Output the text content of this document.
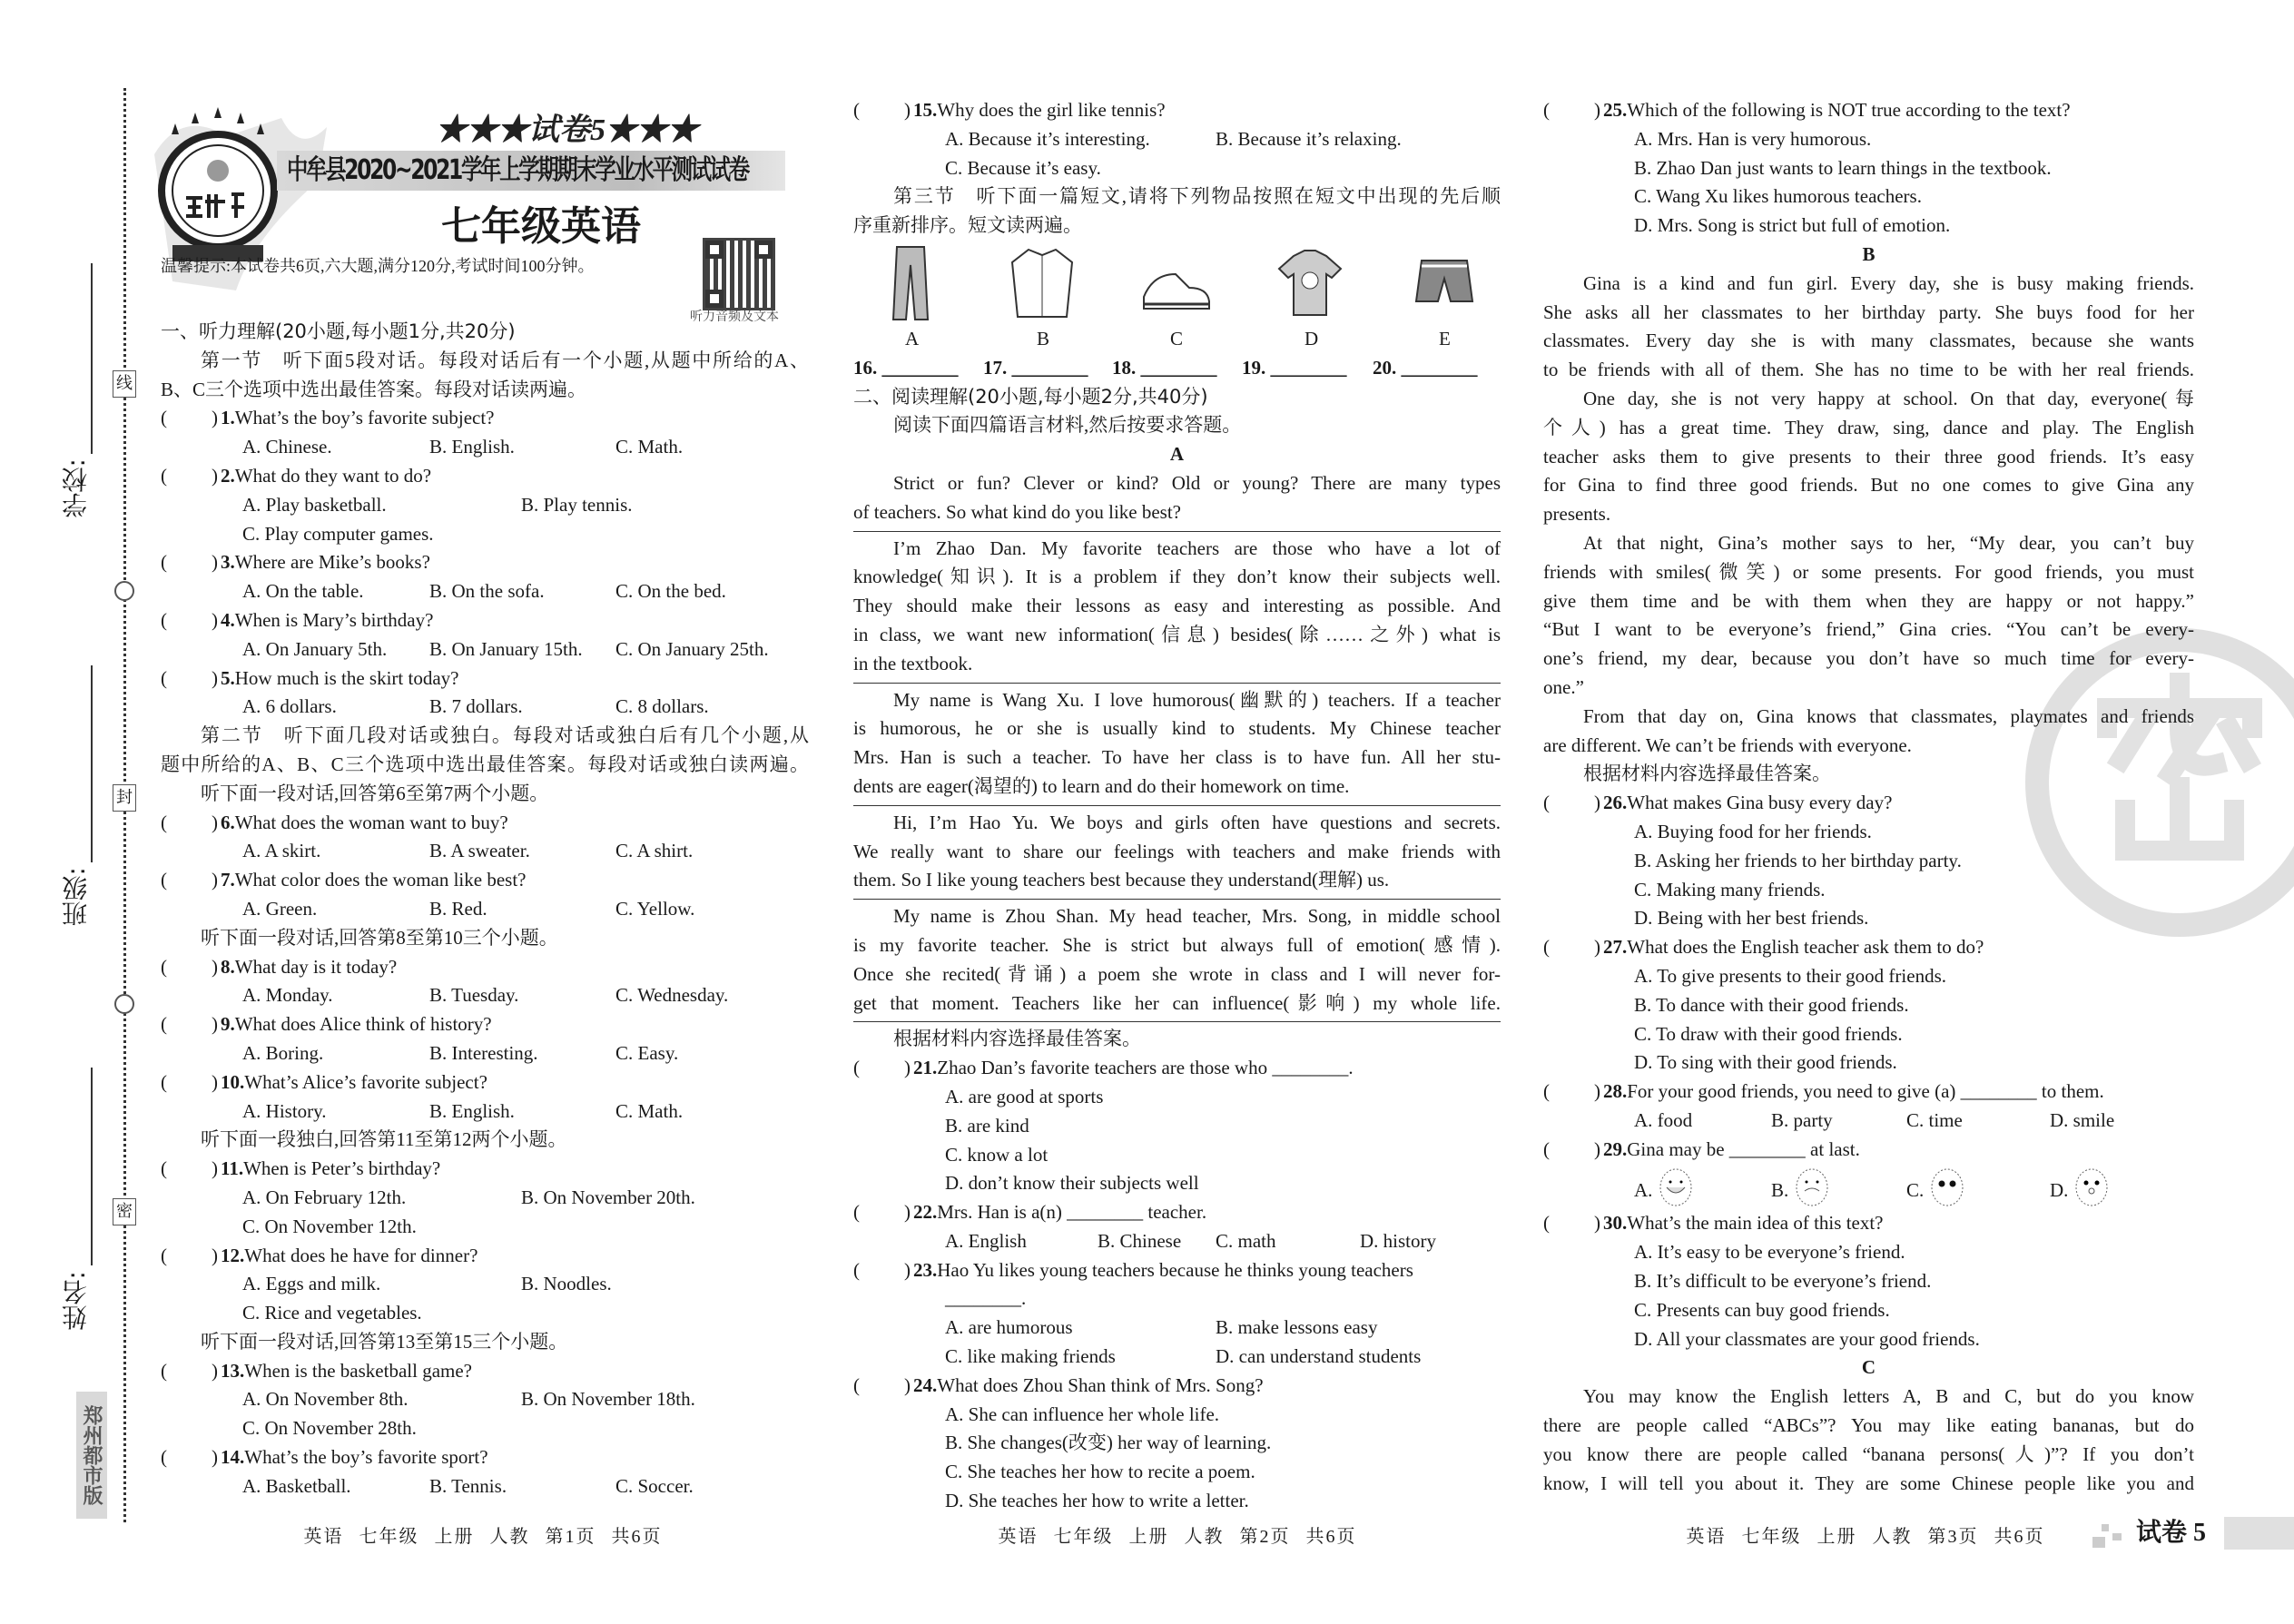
线
封
密
学校:
班级:
姓名:
郑州都市版
★★★试卷5★★★
中牟县2020~2021学年上学期期末学业水平测试试卷
七年级英语
温馨提示:本试卷共6页,六大题,满分120分,考试时间100分钟。
听力音频及文本
一、听力理解(20小题,每小题1分,共20分)
第一节　听下面5段对话。每段对话后有一个小题,从题中所给的A、
B、C三个选项中选出最佳答案。每段对话读两遍。
( ) 1.What’s the boy’s favorite subject?
A. Chinese.	B. English.	C. Math.
( ) 2.What do they want to do?
A. Play basketball.	B. Play tennis.
C. Play computer games.
( ) 3.Where are Mike’s books?
A. On the table.	B. On the sofa.	C. On the bed.
( ) 4.When is Mary’s birthday?
A. On January 5th. B. On January 15th. C. On January 25th.
( ) 5.How much is the skirt today?
A. 6 dollars.	B. 7 dollars.	C. 8 dollars.
第二节　听下面几段对话或独白。每段对话或独白后有几个小题,从
题中所给的A、B、C三个选项中选出最佳答案。每段对话或独白读两遍。
听下面一段对话,回答第6至第7两个小题。
( ) 6.What does the woman want to buy?
A. A skirt.	B. A sweater.	C. A shirt.
( ) 7.What color does the woman like best?
A. Green.	B. Red.	C. Yellow.
听下面一段对话,回答第8至第10三个小题。
( ) 8.What day is it today?
A. Monday.	B. Tuesday.	C. Wednesday.
( ) 9.What does Alice think of history?
A. Boring.	B. Interesting.	C. Easy.
( ) 10.What’s Alice’s favorite subject?
A. History.	B. English.	C. Math.
听下面一段独白,回答第11至第12两个小题。
( ) 11.When is Peter’s birthday?
A. On February 12th.	B. On November 20th.
C. On November 12th.
( ) 12.What does he have for dinner?
A. Eggs and milk.	B. Noodles.
C. Rice and vegetables.
听下面一段对话,回答第13至第15三个小题。
( ) 13.When is the basketball game?
A. On November 8th.	B. On November 18th.
C. On November 28th.
( ) 14.What’s the boy’s favorite sport?
A. Basketball.	B. Tennis.	C. Soccer.
( ) 15.Why does the girl like tennis?
A. Because it’s interesting.	B. Because it’s relaxing.
C. Because it’s easy.
第三节　听下面一篇短文,请将下列物品按照在短文中出现的先后顺
序重新排序。短文读两遍。
A	B	C	D	E
16. ________ 17. ________ 18. ________ 19. ________ 20. ________
二、阅读理解(20小题,每小题2分,共40分)
阅读下面四篇语言材料,然后按要求答题。
A
Strict or fun? Clever or kind? Old or young? There are many types
of teachers. So what kind do you like best?
I’m Zhao Dan. My favorite teachers are those who have a lot of
knowledge(知识). It is a problem if they don’t know their subjects well.
They should make their lessons as easy and interesting as possible. And
in class, we want new information(信息) besides(除……之外) what is
in the textbook.
My name is Wang Xu. I love humorous(幽默的) teachers. If a teacher
is humorous, he or she is usually kind to students. My Chinese teacher
Mrs. Han is such a teacher. To have her class is to have fun. All her stu-
dents are eager(渴望的) to learn and do their homework on time.
Hi, I’m Hao Yu. We boys and girls often have questions and secrets.
We really want to share our feelings with teachers and make friends with
them. So I like young teachers best because they understand(理解) us.
My name is Zhou Shan. My head teacher, Mrs. Song, in middle school
is my favorite teacher. She is strict but always full of emotion(感情).
Once she recited(背诵) a poem she wrote in class and I will never for-
get that moment. Teachers like her can influence(影响) my whole life.
根据材料内容选择最佳答案。
( ) 21.Zhao Dan’s favorite teachers are those who ________.
A. are good at sports
B. are kind
C. know a lot
D. don’t know their subjects well
( ) 22.Mrs. Han is a(n) ________ teacher.
A. English	B. Chinese C. math	D. history
( ) 23.Hao Yu likes young teachers because he thinks young teachers
________.
A. are humorous	B. make lessons easy
C. like making friends	D. can understand students
( ) 24.What does Zhou Shan think of Mrs. Song?
A. She can influence her whole life.
B. She changes(改变) her way of learning.
C. She teaches her how to recite a poem.
D. She teaches her how to write a letter.
( ) 25.Which of the following is NOT true according to the text?
A. Mrs. Han is very humorous.
B. Zhao Dan just wants to learn things in the textbook.
C. Wang Xu likes humorous teachers.
D. Mrs. Song is strict but full of emotion.
B
Gina is a kind and fun girl. Every day, she is busy making friends.
She asks all her classmates to her birthday party. She buys food for her
classmates. Every day she is with many classmates, because she wants
to be friends with all of them. She has no time to be with her real friends.
One day, she is not very happy at school. On that day, everyone(每
个人) has a great time. They draw, sing, dance and play. The English
teacher asks them to give presents to their three good friends. It’s easy
for Gina to find three good friends. But no one comes to give Gina any
presents.
At that night, Gina’s mother says to her, “My dear, you can’t buy
friends with smiles(微笑) or some presents. For good friends, you must
give them time and be with them when they are happy or not happy.”
“But I want to be everyone’s friend,” Gina cries. “You can’t be every-
one’s friend, my dear, because you don’t have so much time for every-
one.”
From that day on, Gina knows that classmates, playmates and friends
are different. We can’t be friends with everyone.
根据材料内容选择最佳答案。
( ) 26.What makes Gina busy every day?
A. Buying food for her friends.
B. Asking her friends to her birthday party.
C. Making many friends.
D. Being with her best friends.
( ) 27.What does the English teacher ask them to do?
A. To give presents to their good friends.
B. To dance with their good friends.
C. To draw with their good friends.
D. To sing with their good friends.
( ) 28.For your good friends, you need to give (a) ________ to them.
A. food	B. party	C. time	D. smile
( ) 29.Gina may be ________ at last.
A.	B.	C.	D.
( ) 30.What’s the main idea of this text?
A. It’s easy to be everyone’s friend.
B. It’s difficult to be everyone’s friend.
C. Presents can buy good friends.
D. All your classmates are your good friends.
C
You may know the English letters A, B and C, but do you know
there are people called “ABCs”? You may like eating bananas, but do
you know there are people called “banana persons(人)”? If you don’t
know, I will tell you about it. They are some Chinese people like you and
英语 七年级 上册 人教 第1页 共6页	英语 七年级 上册 人教 第2页 共6页	英语 七年级 上册 人教 第3页 共6页	试卷 5
